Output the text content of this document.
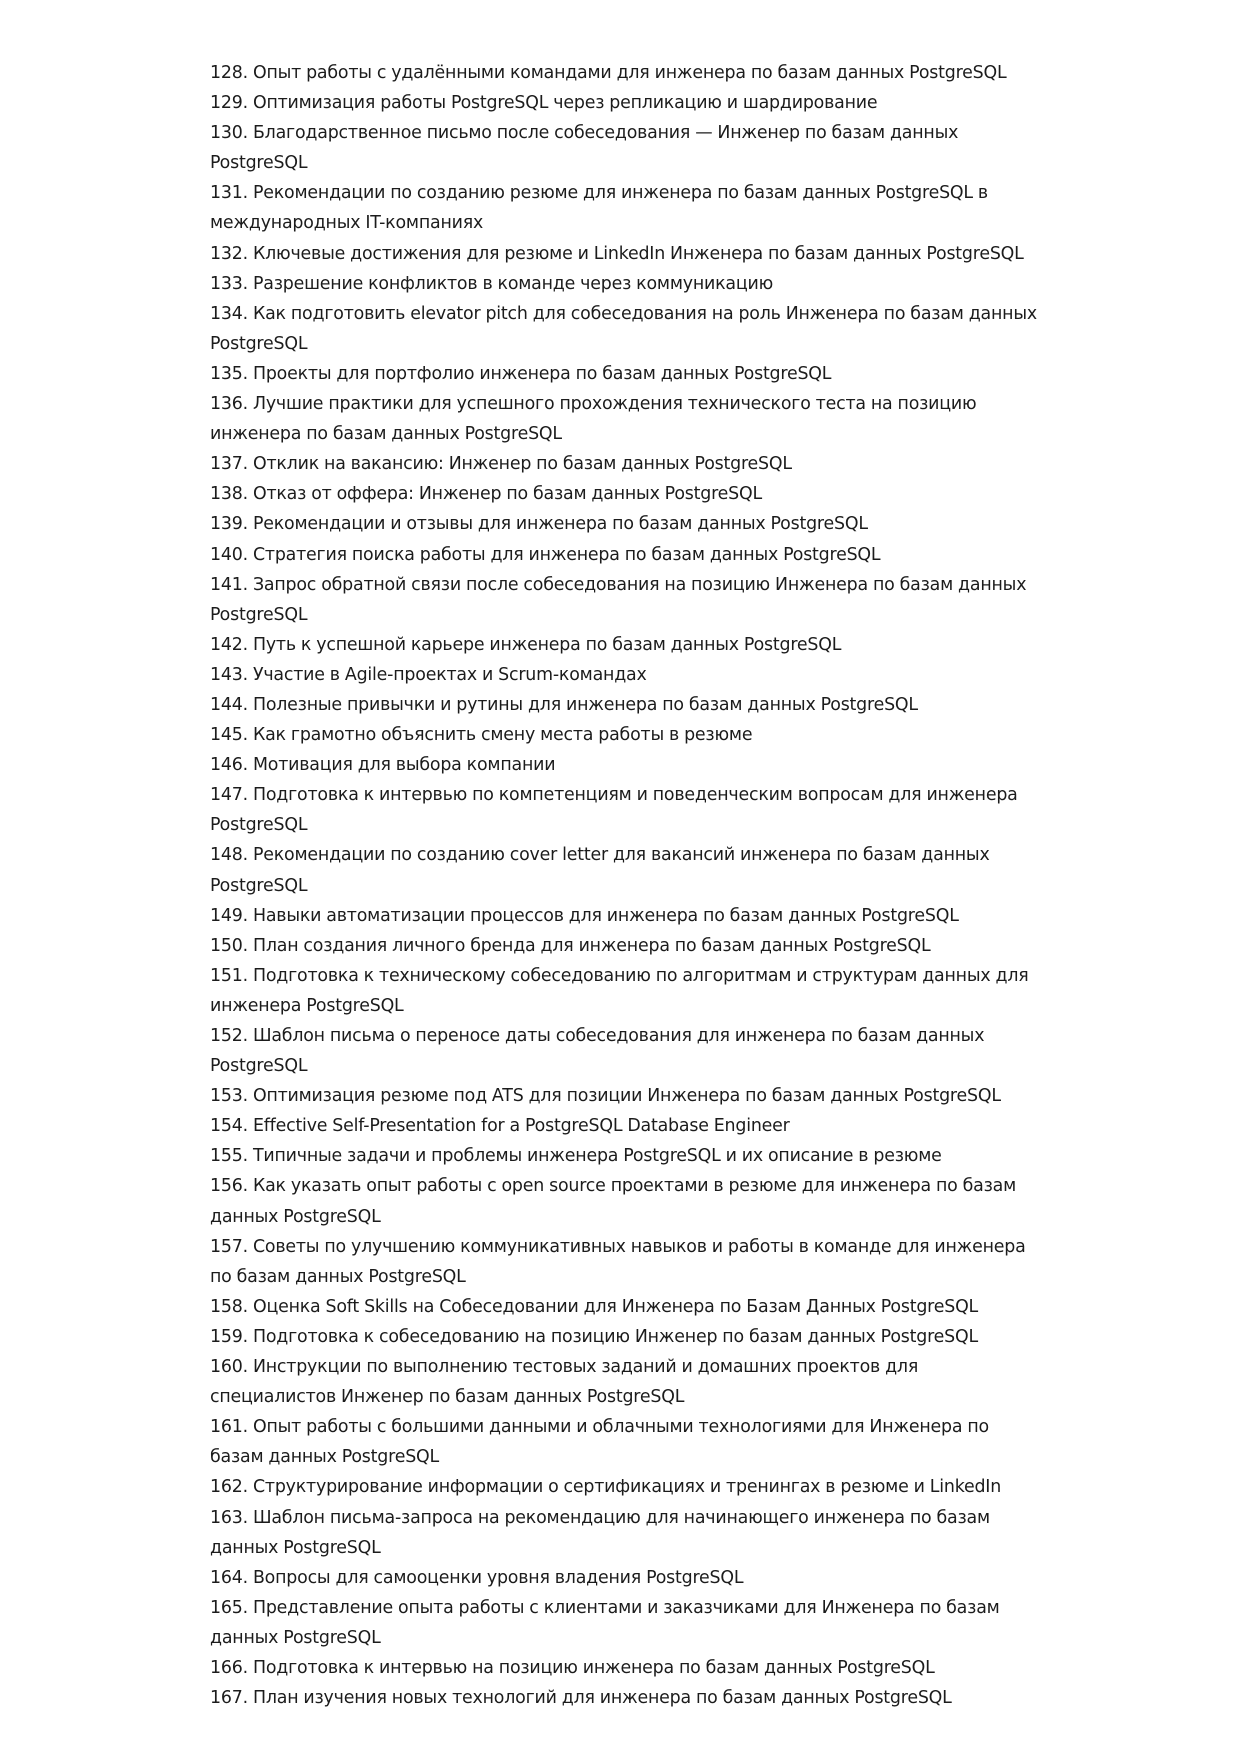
128. Опыт работы с удалёнными командами для инженера по базам данных PostgreSQL
129. Оптимизация работы PostgreSQL через репликацию и шардирование
130. Благодарственное письмо после собеседования — Инженер по базам данных PostgreSQL
131. Рекомендации по созданию резюме для инженера по базам данных PostgreSQL в международных IT-компаниях
132. Ключевые достижения для резюме и LinkedIn Инженера по базам данных PostgreSQL
133. Разрешение конфликтов в команде через коммуникацию
134. Как подготовить elevator pitch для собеседования на роль Инженера по базам данных PostgreSQL
135. Проекты для портфолио инженера по базам данных PostgreSQL
136. Лучшие практики для успешного прохождения технического теста на позицию инженера по базам данных PostgreSQL
137. Отклик на вакансию: Инженер по базам данных PostgreSQL
138. Отказ от оффера: Инженер по базам данных PostgreSQL
139. Рекомендации и отзывы для инженера по базам данных PostgreSQL
140. Стратегия поиска работы для инженера по базам данных PostgreSQL
141. Запрос обратной связи после собеседования на позицию Инженера по базам данных PostgreSQL
142. Путь к успешной карьере инженера по базам данных PostgreSQL
143. Участие в Agile-проектах и Scrum-командах
144. Полезные привычки и рутины для инженера по базам данных PostgreSQL
145. Как грамотно объяснить смену места работы в резюме
146. Мотивация для выбора компании
147. Подготовка к интервью по компетенциям и поведенческим вопросам для инженера PostgreSQL
148. Рекомендации по созданию cover letter для вакансий инженера по базам данных PostgreSQL
149. Навыки автоматизации процессов для инженера по базам данных PostgreSQL
150. План создания личного бренда для инженера по базам данных PostgreSQL
151. Подготовка к техническому собеседованию по алгоритмам и структурам данных для инженера PostgreSQL
152. Шаблон письма о переносе даты собеседования для инженера по базам данных PostgreSQL
153. Оптимизация резюме под ATS для позиции Инженера по базам данных PostgreSQL
154. Effective Self-Presentation for a PostgreSQL Database Engineer
155. Типичные задачи и проблемы инженера PostgreSQL и их описание в резюме
156. Как указать опыт работы с open source проектами в резюме для инженера по базам данных PostgreSQL
157. Советы по улучшению коммуникативных навыков и работы в команде для инженера по базам данных PostgreSQL
158. Оценка Soft Skills на Собеседовании для Инженера по Базам Данных PostgreSQL
159. Подготовка к собеседованию на позицию Инженер по базам данных PostgreSQL
160. Инструкции по выполнению тестовых заданий и домашних проектов для специалистов Инженер по базам данных PostgreSQL
161. Опыт работы с большими данными и облачными технологиями для Инженера по базам данных PostgreSQL
162. Структурирование информации о сертификациях и тренингах в резюме и LinkedIn
163. Шаблон письма-запроса на рекомендацию для начинающего инженера по базам данных PostgreSQL
164. Вопросы для самооценки уровня владения PostgreSQL
165. Представление опыта работы с клиентами и заказчиками для Инженера по базам данных PostgreSQL
166. Подготовка к интервью на позицию инженера по базам данных PostgreSQL
167. План изучения новых технологий для инженера по базам данных PostgreSQL
